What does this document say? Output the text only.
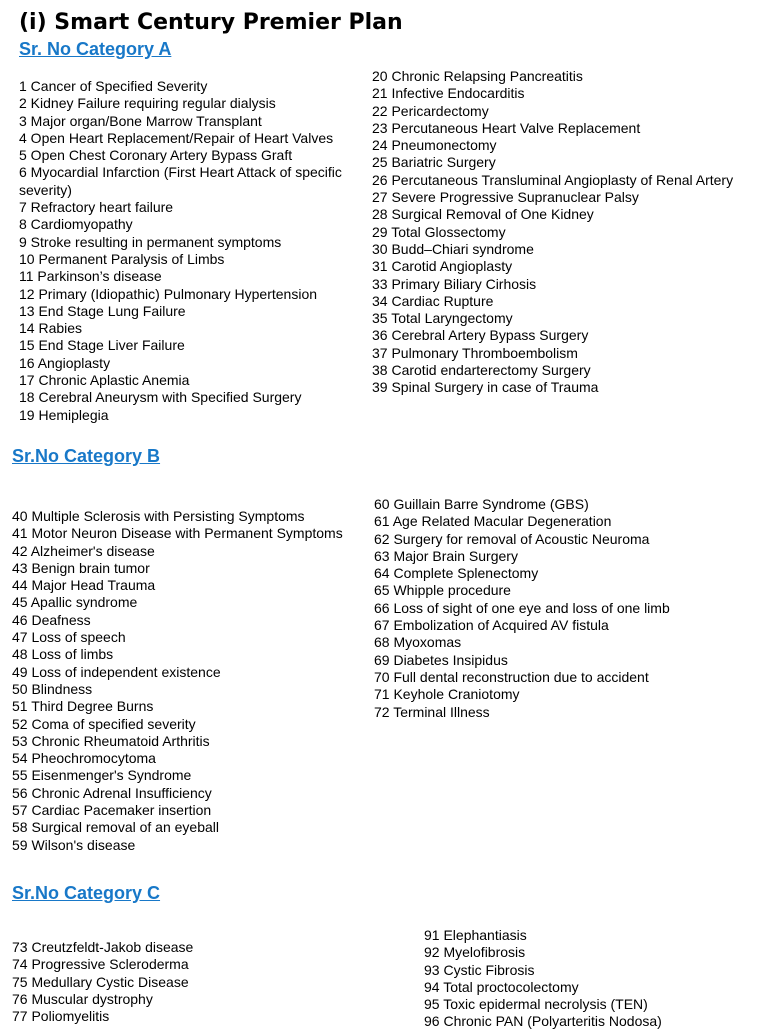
(i) Smart Century Premier Plan
Sr. No Category A
1 Cancer of Specified Severity
2 Kidney Failure requiring regular dialysis
3 Major organ/Bone Marrow Transplant
4 Open Heart Replacement/Repair of Heart Valves
5 Open Chest Coronary Artery Bypass Graft
6 Myocardial Infarction (First Heart Attack of specific severity)
7 Refractory heart failure
8 Cardiomyopathy
9 Stroke resulting in permanent symptoms
10 Permanent Paralysis of Limbs
11 Parkinson’s disease
12 Primary (Idiopathic) Pulmonary Hypertension
13 End Stage Lung Failure
14 Rabies
15 End Stage Liver Failure
16 Angioplasty
17 Chronic Aplastic Anemia
18 Cerebral Aneurysm with Specified Surgery
19 Hemiplegia
20 Chronic Relapsing Pancreatitis
21 Infective Endocarditis
22 Pericardectomy
23 Percutaneous Heart Valve Replacement
24 Pneumonectomy
25 Bariatric Surgery
26 Percutaneous Transluminal Angioplasty of Renal Artery
27 Severe Progressive Supranuclear Palsy
28 Surgical Removal of One Kidney
29 Total Glossectomy
30 Budd–Chiari syndrome
31 Carotid Angioplasty
33 Primary Biliary Cirhosis
34 Cardiac Rupture
35 Total Laryngectomy
36 Cerebral Artery Bypass Surgery
37 Pulmonary Thromboembolism
38 Carotid endarterectomy Surgery
39 Spinal Surgery in case of Trauma
Sr.No Category B
40 Multiple Sclerosis with Persisting Symptoms
41 Motor Neuron Disease with Permanent Symptoms
42 Alzheimer's disease
43 Benign brain tumor
44 Major Head Trauma
45 Apallic syndrome
46 Deafness
47 Loss of speech
48 Loss of limbs
49 Loss of independent existence
50 Blindness
51 Third Degree Burns
52 Coma of specified severity
53 Chronic Rheumatoid Arthritis
54 Pheochromocytoma
55 Eisenmenger's Syndrome
56 Chronic Adrenal Insufficiency
57 Cardiac Pacemaker insertion
58 Surgical removal of an eyeball
59 Wilson's disease
60 Guillain Barre Syndrome (GBS)
61 Age Related Macular Degeneration
62 Surgery for removal of Acoustic Neuroma
63 Major Brain Surgery
64 Complete Splenectomy
65 Whipple procedure
66 Loss of sight of one eye and loss of one limb
67 Embolization of Acquired AV fistula
68 Myoxomas
69 Diabetes Insipidus
70 Full dental reconstruction due to accident
71 Keyhole Craniotomy
72 Terminal Illness
Sr.No Category C
73 Creutzfeldt-Jakob disease
74 Progressive Scleroderma
75 Medullary Cystic Disease
76 Muscular dystrophy
77 Poliomyelitis
91 Elephantiasis
92 Myelofibrosis
93 Cystic Fibrosis
94 Total proctocolectomy
95 Toxic epidermal necrolysis (TEN)
96 Chronic PAN (Polyarteritis Nodosa)
